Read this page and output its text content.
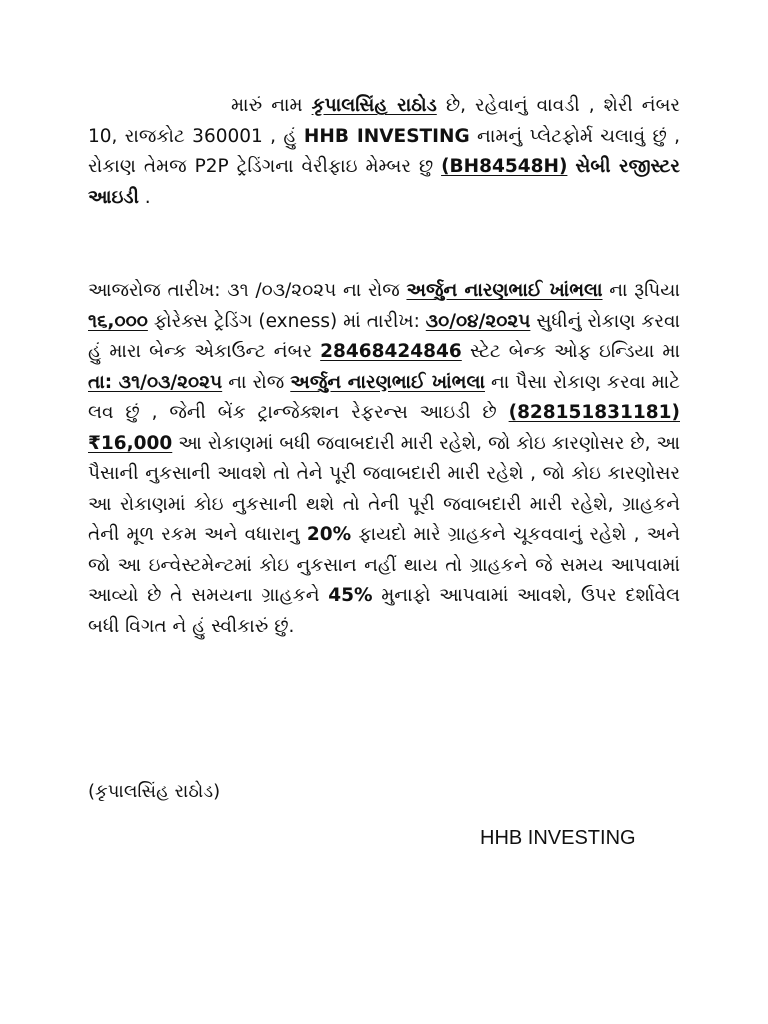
મારું નામ કૃપાલસિંહ રાઠોડ છે, રહેવાનું વાવડી , શેરી નંબર 10, રાજકોટ 360001 , હું HHB INVESTING નામનું પ્લેટફોર્મ ચલાવું છું , રોકાણ તેમજ P2P ટ્રેડિંગના વેરીફાઇ મેમ્બર છુ (BH84548H) સેબી રજીસ્ટર આઇડી .

આજરોજ તારીખ: ૩૧ /૦૩/૨૦૨૫ ના રોજ અર્જુન નારણભાઈ ખાંભલા ના રૂપિયા ૧૬,૦૦૦ ફોરેક્સ ટ્રેડિંગ (exness) માં તારીખ: ૩૦/૦૪/૨૦૨૫ સુધીનું રોકાણ કરવા હું મારા બેન્ક એકાઉન્ટ નંબર 28468424846 સ્ટેટ બેન્ક ઓફ ઇન્ડિયા મા તા: ૩૧/૦૩/૨૦૨૫ ના રોજ અર્જુન નારણભાઈ ખાંભલા ના પૈસા રોકાણ કરવા માટે લવ છું , જેની બેંક ટ્રાન્જેક્શન રેફરન્સ આઇડી છે (828151831181) ₹16,000 આ રોકાણમાં બધી જવાબદારી મારી રહેશે, જો કોઇ કારણોસર છે, આ પૈસાની નુકસાની આવશે તો તેને પૂરી જવાબદારી મારી રહેશે , જો કોઇ કારણોસર આ રોકાણમાં કોઇ નુકસાની થશે તો તેની પૂરી જવાબદારી મારી રહેશે, ગ્રાહકને તેની મૂળ રકમ અને વધારાનુ 20% ફાયદો મારે ગ્રાહકને ચૂકવવાનું રહેશે , અને જો આ ઇન્વેસ્ટમેન્ટમાં કોઇ નુકસાન નહીં થાય તો ગ્રાહકને જે સમય આપવામાં આવ્યો છે તે સમયના ગ્રાહકને 45% મુનાફો આપવામાં આવશે, ઉપર દર્શાવેલ બધી વિગત ને હું સ્વીકારું છું.

(કૃપાલસિંહ રાઠોડ)

HHB INVESTING
